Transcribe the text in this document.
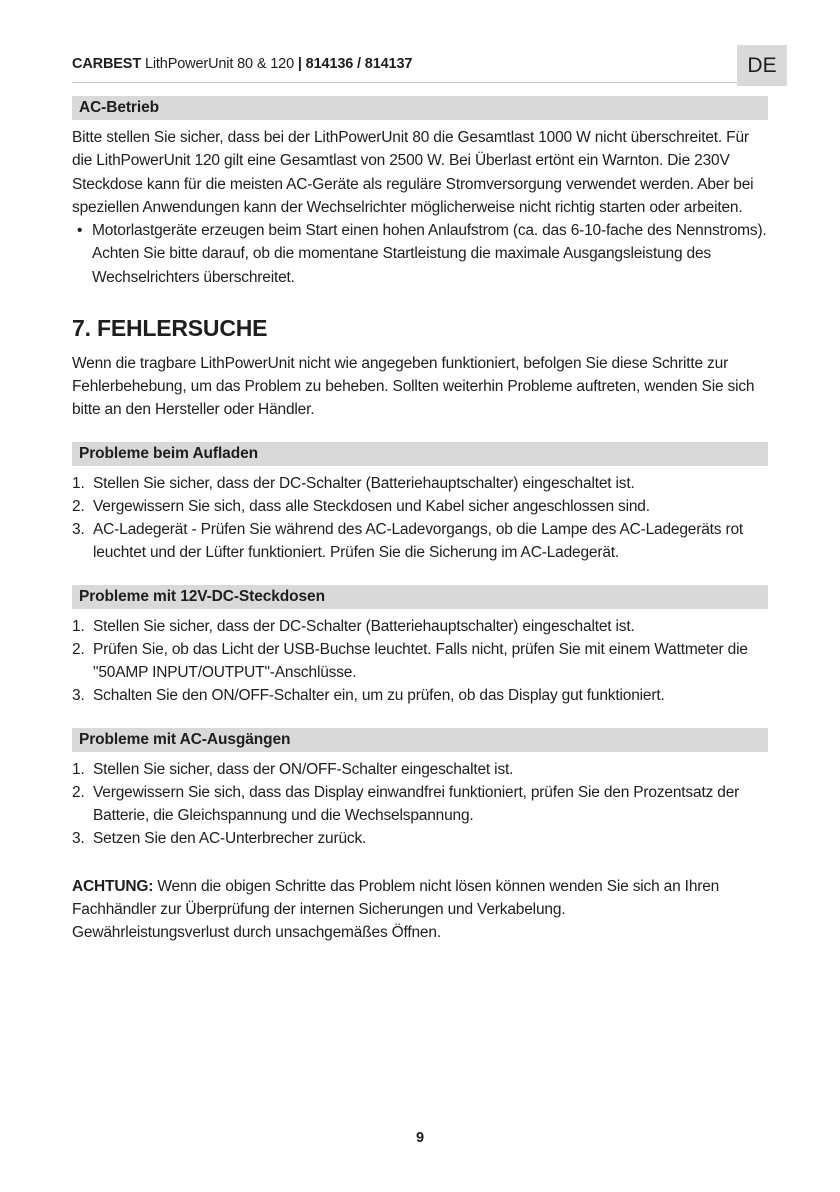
DE
CARBEST LithPowerUnit 80 & 120 | 814136 / 814137
AC-Betrieb

Bitte stellen Sie sicher, dass bei der LithPowerUnit 80 die Gesamtlast 1000 W nicht überschreitet. Für die LithPowerUnit 120 gilt eine Gesamtlast von 2500 W. Bei Überlast ertönt ein Warnton. Die 230V Steckdose kann für die meisten AC-Geräte als reguläre Stromversorgung verwendet werden. Aber bei speziellen Anwendungen kann der Wechselrichter möglicherweise nicht richtig starten oder arbeiten.

• Motorlastgeräte erzeugen beim Start einen hohen Anlaufstrom (ca. das 6-10-fache des Nennstroms). Achten Sie bitte darauf, ob die momentane Startleistung die maximale Ausgangsleistung des Wechselrichters überschreitet.
7. FEHLERSUCHE

Wenn die tragbare LithPowerUnit nicht wie angegeben funktioniert, befolgen Sie diese Schritte zur Fehlerbehebung, um das Problem zu beheben. Sollten weiterhin Probleme auftreten, wenden Sie sich bitte an den Hersteller oder Händler.

Probleme beim Aufladen
1. Stellen Sie sicher, dass der DC-Schalter (Batteriehauptschalter) eingeschaltet ist.
2. Vergewissern Sie sich, dass alle Steckdosen und Kabel sicher angeschlossen sind.
3. AC-Ladegerät - Prüfen Sie während des AC-Ladevorgangs, ob die Lampe des AC-Ladegeräts rot leuchtet und der Lüfter funktioniert. Prüfen Sie die Sicherung im AC-Ladegerät.
Probleme mit 12V-DC-Steckdosen
1. Stellen Sie sicher, dass der DC-Schalter (Batteriehauptschalter) eingeschaltet ist.
2. Prüfen Sie, ob das Licht der USB-Buchse leuchtet. Falls nicht, prüfen Sie mit einem Wattmeter die "50AMP INPUT/OUTPUT"-Anschlüsse.
3. Schalten Sie den ON/OFF-Schalter ein, um zu prüfen, ob das Display gut funktioniert.
Probleme mit AC-Ausgängen
1. Stellen Sie sicher, dass der ON/OFF-Schalter eingeschaltet ist.
2. Vergewissern Sie sich, dass das Display einwandfrei funktioniert, prüfen Sie den Prozentsatz der Batterie, die Gleichspannung und die Wechselspannung.
3. Setzen Sie den AC-Unterbrecher zurück.

ACHTUNG: Wenn die obigen Schritte das Problem nicht lösen können wenden Sie sich an Ihren Fachhändler zur Überprüfung der internen Sicherungen und Verkabelung.

Gewährleistungsverlust durch unsachgemäßes Öffnen.

9
